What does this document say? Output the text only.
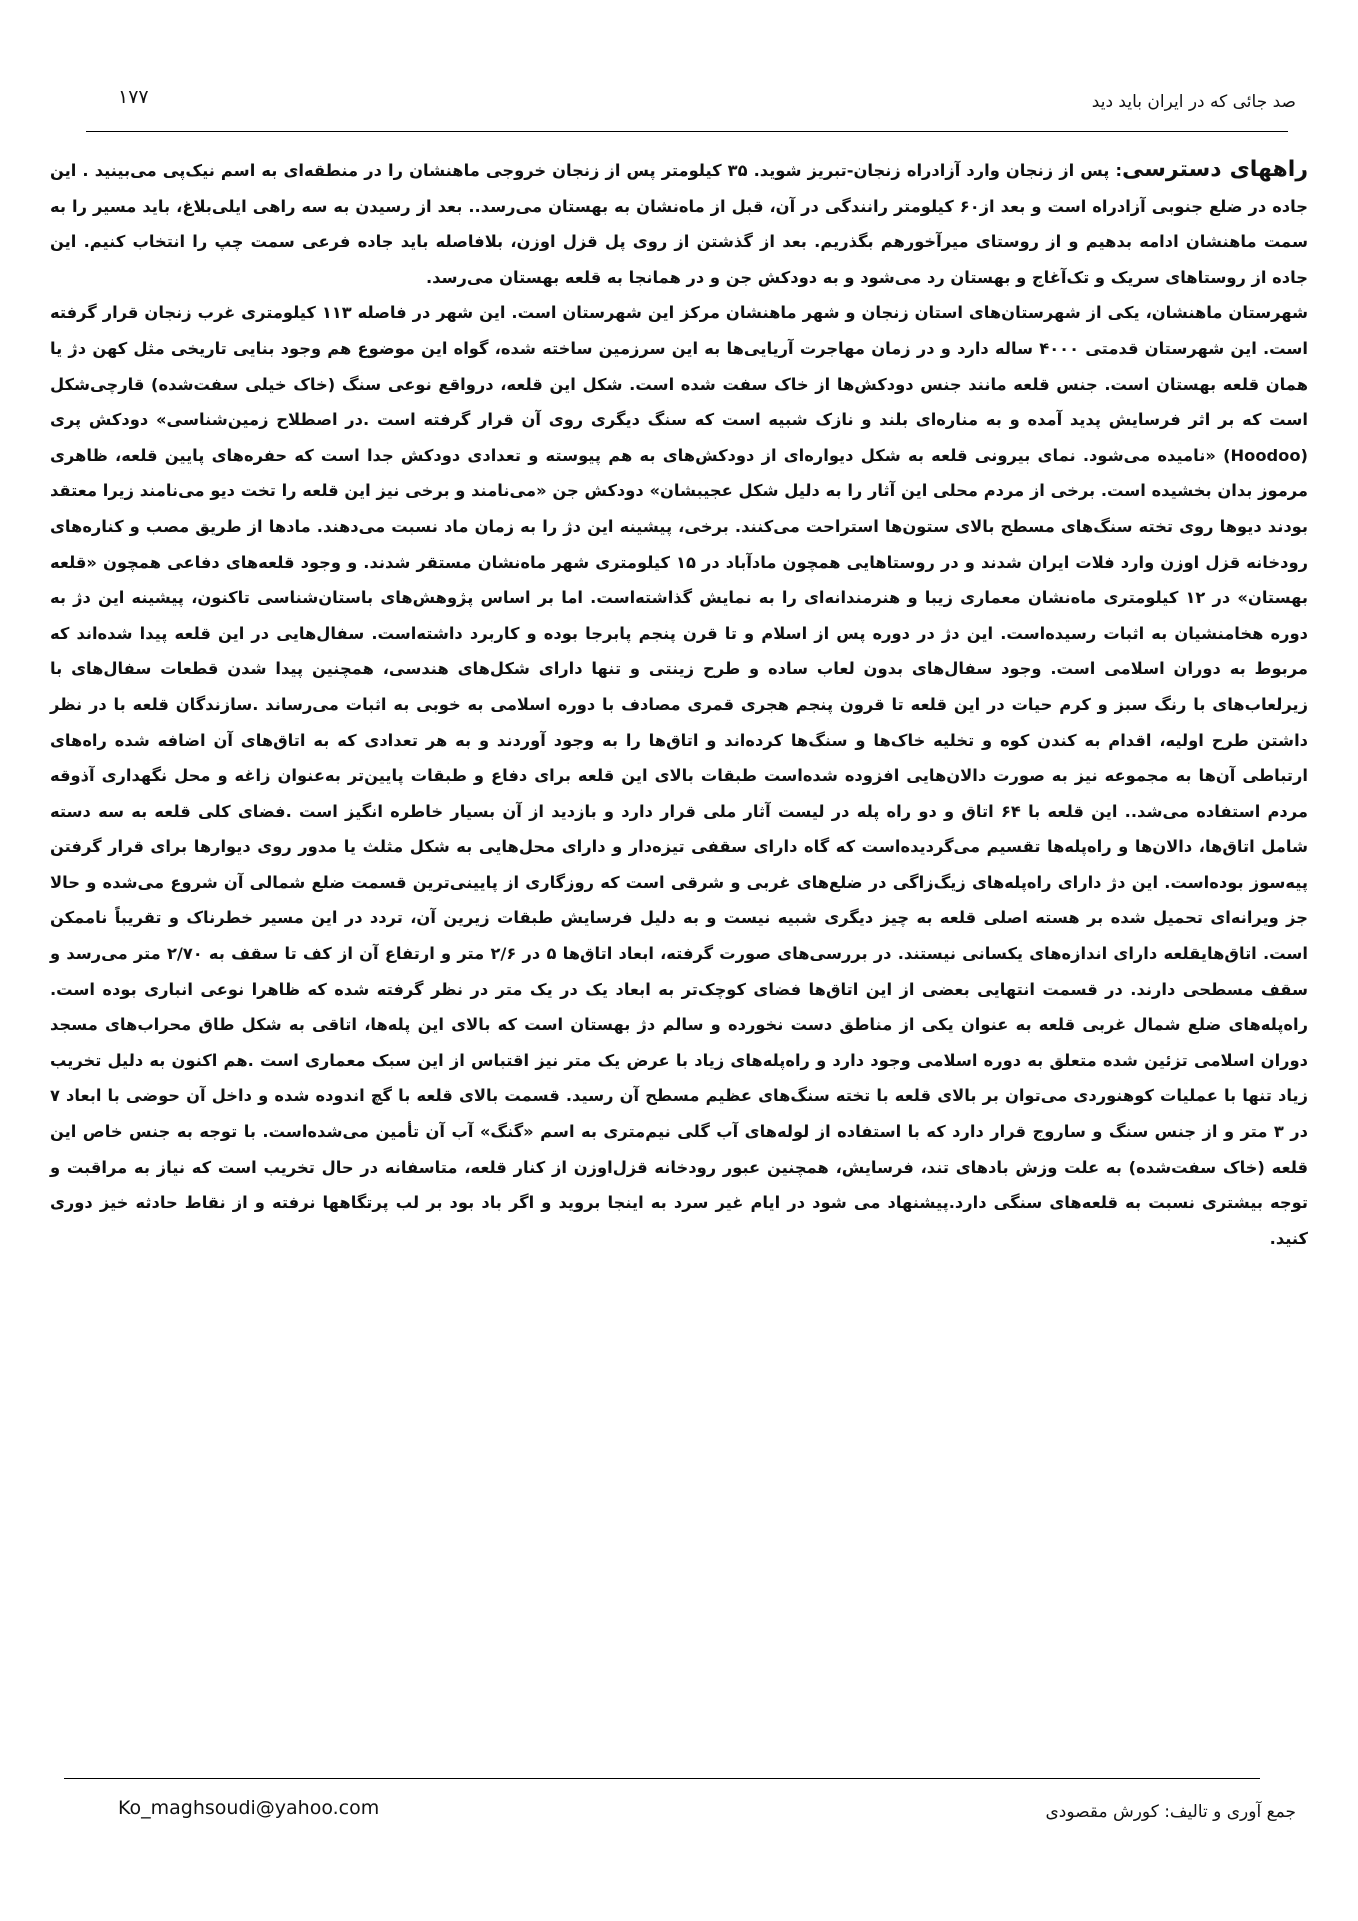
۱۷۷	صد جائی که در ایران باید دید

راههای دسترسی: پس از زنجان وارد آزادراه زنجان-تبریز شوید. ۳۵ کیلومتر پس از زنجان خروجی ماهنشان را در منطقه‌ای به اسم نیک‌پی می‌بینید . این جاده در ضلع جنوبی آزادراه است و بعد از۶۰ کیلومتر رانندگی در آن، قبل از ماه‌نشان به بهستان می‌رسد.. بعد از رسیدن به سه راهی ایلی‌بلاغ، باید مسیر را به سمت ماهنشان ادامه بدهیم و از روستای میرآخورهم بگذریم. بعد از گذشتن از روی پل قزل اوزن، بلافاصله باید جاده فرعی سمت چپ را انتخاب کنیم. این جاده از روستاهای سریک و تک‌آغاج و بهستان رد می‌شود و به دودکش جن و در همانجا به قلعه بهستان می‌رسد.

شهرستان ماهنشان، یکی از شهرستان‌های استان زنجان و شهر ماهنشان مرکز این شهرستان است. این شهر در فاصله ۱۱۳ کیلومتری غرب زنجان قرار گرفته است. این شهرستان قدمتی ۴۰۰۰ ساله دارد و در زمان مهاجرت آریایی‌ها به این سرزمین ساخته شده، گواه این موضوع هم وجود بنایی تاریخی مثل کهن دژ یا همان قلعه بهستان است. جنس قلعه مانند جنس دودکش‌ها از خاک سفت شده است. شکل این قلعه، درواقع نوعی سنگ (خاک خیلی سفت‌شده) قارچی‌شکل است که بر اثر فرسایش پدید آمده و به مناره‌ای بلند و نازک شبیه است که سنگ دیگری روی آن قرار گرفته است .در اصطلاح زمین‌شناسی» دودکش پری (Hoodoo) «نامیده می‌شود. نمای بیرونی قلعه به شکل دیواره‌ای از دودکش‌های به هم پیوسته و تعدادی دودکش جدا است که حفره‌های پایین قلعه، ظاهری مرموز بدان بخشیده است. برخی از مردم محلی این آثار را به دلیل شکل عجیبشان» دودکش جن «می‌نامند و برخی نیز این قلعه را تخت دیو می‌نامند زیرا معتقد بودند دیوها روی تخته سنگ‌های مسطح بالای ستون‌ها استراحت می‌کنند. برخی، پیشینه این دژ را به زمان ماد نسبت می‌دهند. مادها از طریق مصب و کناره‌های رودخانه قزل اوزن وارد فلات ایران شدند و در روستاهایی همچون مادآباد در ۱۵ کیلومتری شهر ماه‌نشان مستقر شدند. و وجود قلعه‌های دفاعی همچون «قلعه بهستان» در ۱۲ کیلومتری ماه‌نشان معماری زیبا و هنرمندانه‌ای را به نمایش گذاشته‌است. اما بر اساس پژوهش‌های باستان‌شناسی تاکنون، پیشینه این دژ به دوره هخامنشیان به اثبات رسیده‌است. این دژ در دوره پس از اسلام و تا قرن پنجم پابرجا بوده و کاربرد داشته‌است. سفال‌هایی در این قلعه پیدا شده‌اند که مربوط به دوران اسلامی است. وجود سفال‌های بدون لعاب ساده و طرح زینتی و تنها دارای شکل‌های هندسی، همچنین پیدا شدن قطعات سفال‌های با زیرلعاب‌های با رنگ سبز و کرم حیات در این قلعه تا قرون پنجم هجری قمری مصادف با دوره اسلامی به خوبی به اثبات می‌رساند .سازندگان قلعه با در نظر داشتن طرح اولیه، اقدام به کندن کوه و تخلیه خاک‌ها و سنگ‌ها کرده‌اند و اتاق‌ها را به وجود آوردند و به هر تعدادی که به اتاق‌های آن اضافه شده راه‌های ارتباطی آن‌ها به مجموعه نیز به صورت دالان‌هایی افزوده شده‌است طبقات بالای این قلعه برای دفاع و طبقات پایین‌تر به‌عنوان زاغه و محل نگهداری آذوقه مردم استفاده می‌شد.. این قلعه با ۶۴ اتاق و دو راه پله در لیست آثار ملی قرار دارد و بازدید از آن بسیار خاطره انگیز است .فضای کلی قلعه به سه دسته شامل اتاق‌ها، دالان‌ها و راه‌پله‌ها تقسیم می‌گردیده‌است که گاه دارای سقفی تیزه‌دار و دارای محل‌هایی به شکل مثلث یا مدور روی دیوارها برای قرار گرفتن پیه‌سوز بوده‌است. این دژ دارای راه‌پله‌های زیگ‌زاگی در ضلع‌های غربی و شرقی است که روزگاری از پایینی‌ترین قسمت ضلع شمالی آن شروع می‌شده و حالا جز ویرانه‌ای تحمیل شده بر هسته اصلی قلعه به چیز دیگری شبیه نیست و به دلیل فرسایش طبقات زیرین آن، تردد در این مسیر خطرناک و تقریباً ناممکن است. اتاق‌هایقلعه دارای اندازه‌های یکسانی نیستند. در بررسی‌های صورت گرفته، ابعاد اتاق‌ها ۵ در ۲/۶ متر و ارتفاع آن از کف تا سقف به ۲/۷۰ متر می‌رسد و سقف مسطحی دارند. در قسمت انتهایی بعضی از این اتاق‌ها فضای کوچک‌تر به ابعاد یک در یک متر در نظر گرفته شده که ظاهرا نوعی انباری بوده است. راه‌پله‌های ضلع شمال غربی قلعه به عنوان یکی از مناطق دست نخورده و سالم دژ بهستان است که بالای این پله‌ها، اتاقی به شکل طاق محراب‌های مسجد دوران اسلامی تزئین شده متعلق به دوره اسلامی وجود دارد و راه‌پله‌های زیاد با عرض یک متر نیز اقتباس از این سبک معماری است .هم اکنون به دلیل تخریب زیاد تنها با عملیات کوهنوردی می‌توان بر بالای قلعه با تخته سنگ‌های عظیم مسطح آن رسید. قسمت بالای قلعه با گچ اندوده شده و داخل آن حوضی با ابعاد ۷ در ۳ متر و از جنس سنگ و ساروج قرار دارد که با استفاده از لوله‌های آب گلی نیم‌متری به اسم «گنگ» آب آن تأمین می‌شده‌است. با توجه به جنس خاص این قلعه (خاک سفت‌شده) به علت وزش بادهای تند، فرسایش، همچنین عبور رودخانه قزل‌اوزن از کنار قلعه، متاسفانه در حال تخریب است که نیاز به مراقبت و توجه بیشتری نسبت به قلعه‌های سنگی دارد.پیشنهاد می شود در ایام غیر سرد به اینجا بروید و اگر باد بود بر لب پرتگاهها نرفته و از نقاط حادثه خیز دوری کنید.

Ko_maghsoudi@yahoo.com	جمع آوری و تالیف: کورش مقصودی
